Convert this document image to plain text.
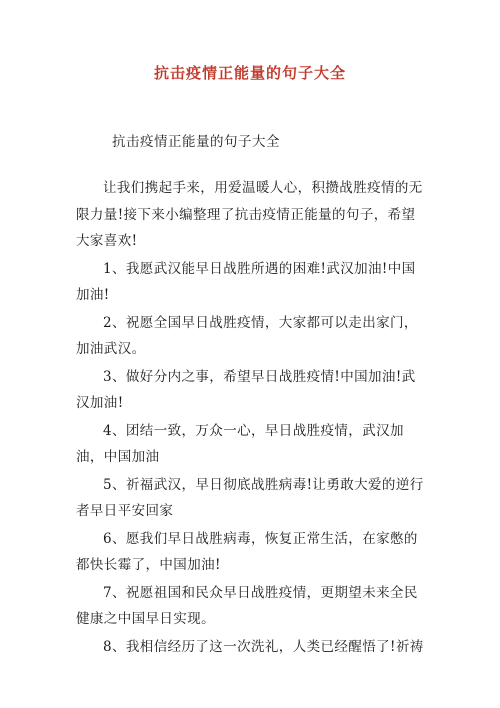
抗击疫情正能量的句子大全
抗击疫情正能量的句子大全

让我们携起手来，用爱温暖人心，积攒战胜疫情的无限力量!接下来小编整理了抗击疫情正能量的句子，希望大家喜欢!

1、我愿武汉能早日战胜所遇的困难!武汉加油!中国加油!

2、祝愿全国早日战胜疫情，大家都可以走出家门，加油武汉。

3、做好分内之事，希望早日战胜疫情!中国加油!武汉加油!

4、团结一致，万众一心，早日战胜疫情，武汉加油，中国加油

5、祈福武汉，早日彻底战胜病毒!让勇敢大爱的逆行者早日平安回家

6、愿我们早日战胜病毒，恢复正常生活，在家憋的都快长霉了，中国加油!

7、祝愿祖国和民众早日战胜疫情，更期望未来全民健康之中国早日实现。

8、我相信经历了这一次洗礼，人类已经醒悟了!祈祷
